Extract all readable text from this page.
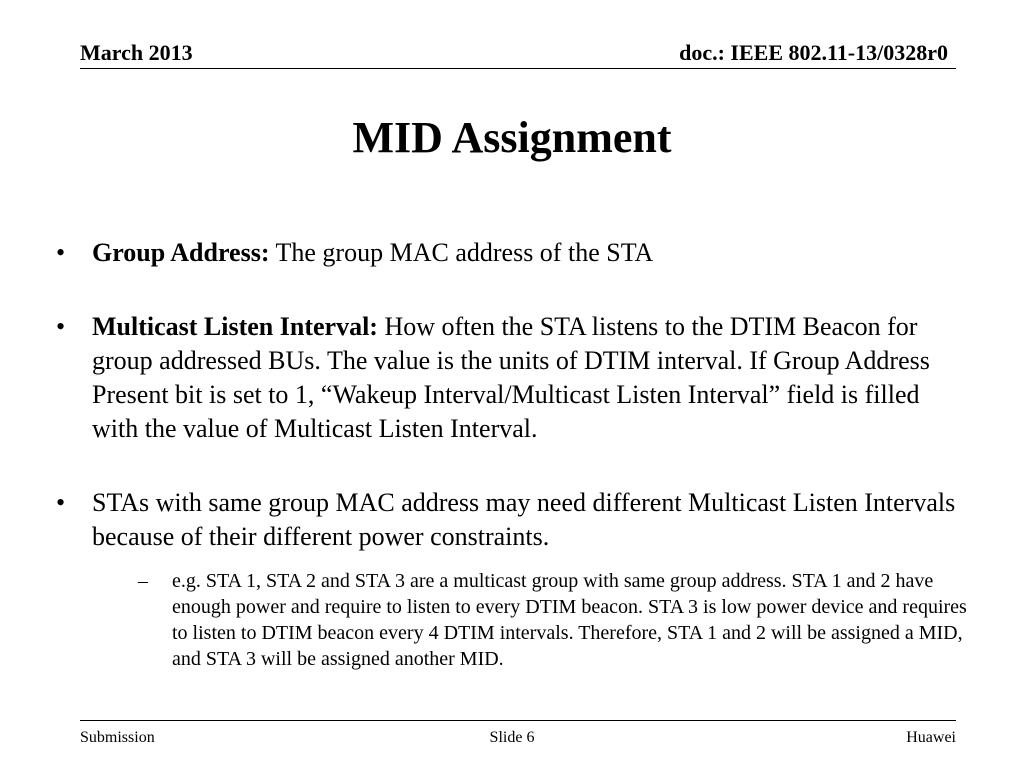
March 2013	doc.: IEEE 802.11-13/0328r0
MID Assignment
•	Group Address: The group MAC address of the STA
•	Multicast Listen Interval: How often the STA listens to the DTIM Beacon for group addressed BUs. The value is the units of DTIM interval. If Group Address Present bit is set to 1, “Wakeup Interval/Multicast Listen Interval” field is filled with the value of Multicast Listen Interval.
•	STAs with same group MAC address may need different Multicast Listen Intervals because of their different power constraints.
–	e.g. STA 1, STA 2 and STA 3 are a multicast group with same group address. STA 1 and 2 have enough power and require to listen to every DTIM beacon. STA 3 is low power device and requires to listen to DTIM beacon every 4 DTIM intervals. Therefore, STA 1 and 2 will be assigned a MID, and STA 3 will be assigned another MID.
Submission	Slide 6	Huawei
